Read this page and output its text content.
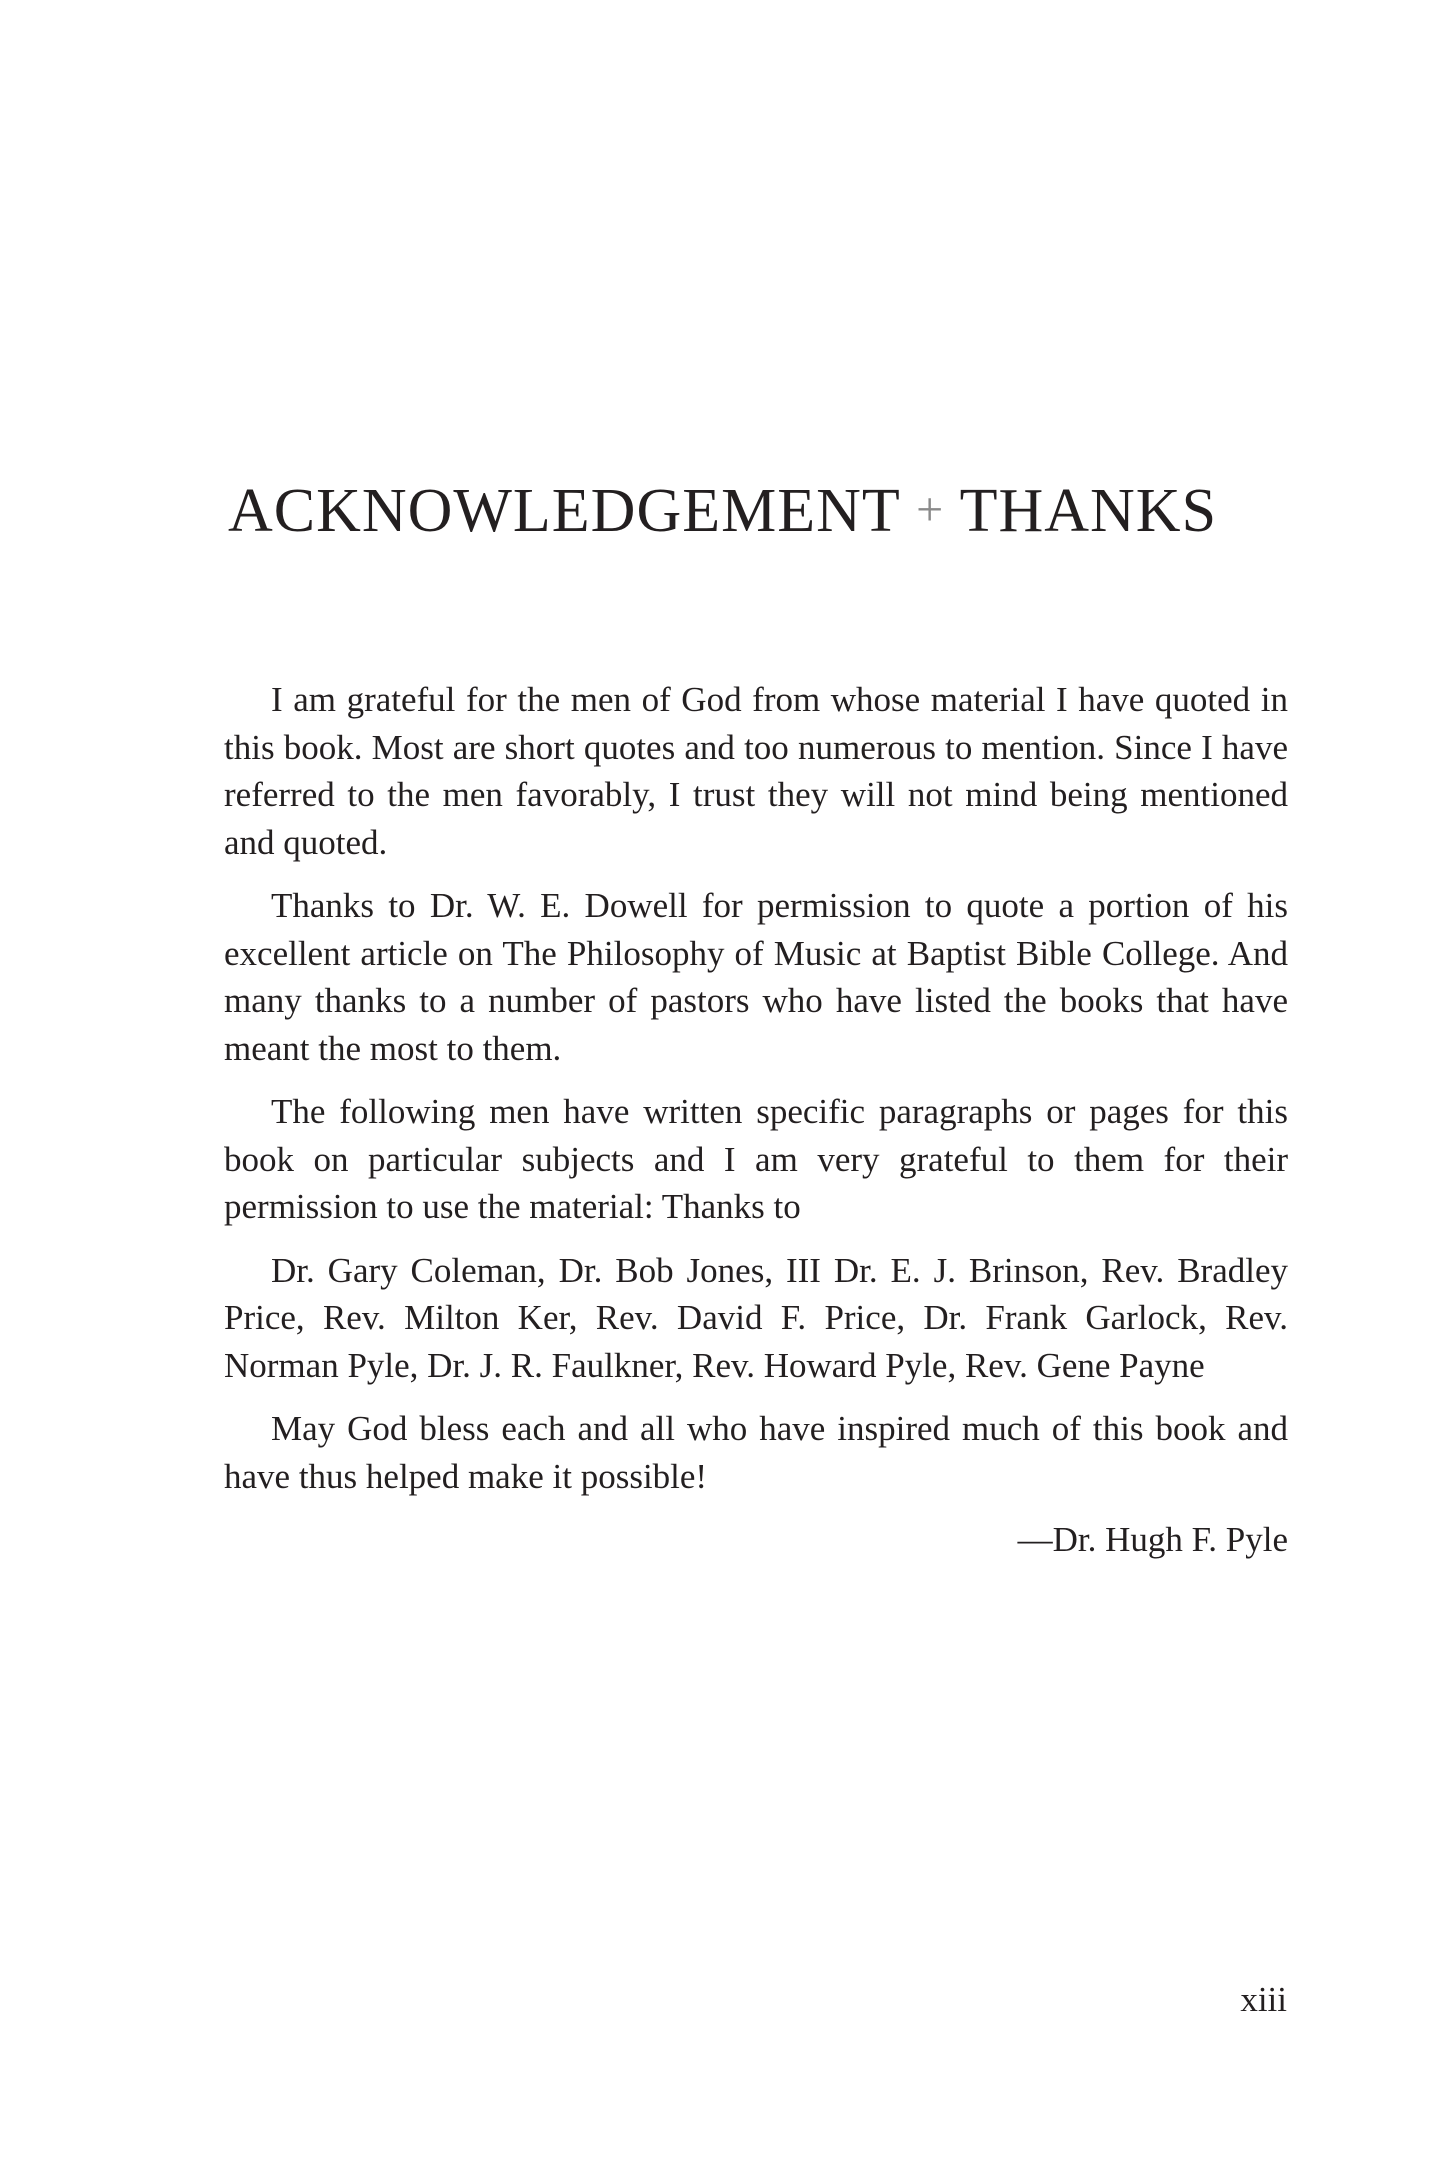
ACKNOWLEDGEMENT + THANKS

I am grateful for the men of God from whose material I have quoted in this book. Most are short quotes and too numerous to mention. Since I have referred to the men favorably, I trust they will not mind being mentioned and quoted.

Thanks to Dr. W. E. Dowell for permission to quote a portion of his excellent article on The Philosophy of Music at Baptist Bible College. And many thanks to a number of pastors who have listed the books that have meant the most to them.

The following men have written specific paragraphs or pages for this book on particular subjects and I am very grateful to them for their permission to use the material: Thanks to

Dr. Gary Coleman, Dr. Bob Jones, III Dr. E. J. Brinson, Rev. Bradley Price, Rev. Milton Ker, Rev. David F. Price, Dr. Frank Garlock, Rev. Norman Pyle, Dr. J. R. Faulkner, Rev. Howard Pyle, Rev. Gene Payne

May God bless each and all who have inspired much of this book and have thus helped make it possible!

—Dr. Hugh F. Pyle

xiii
